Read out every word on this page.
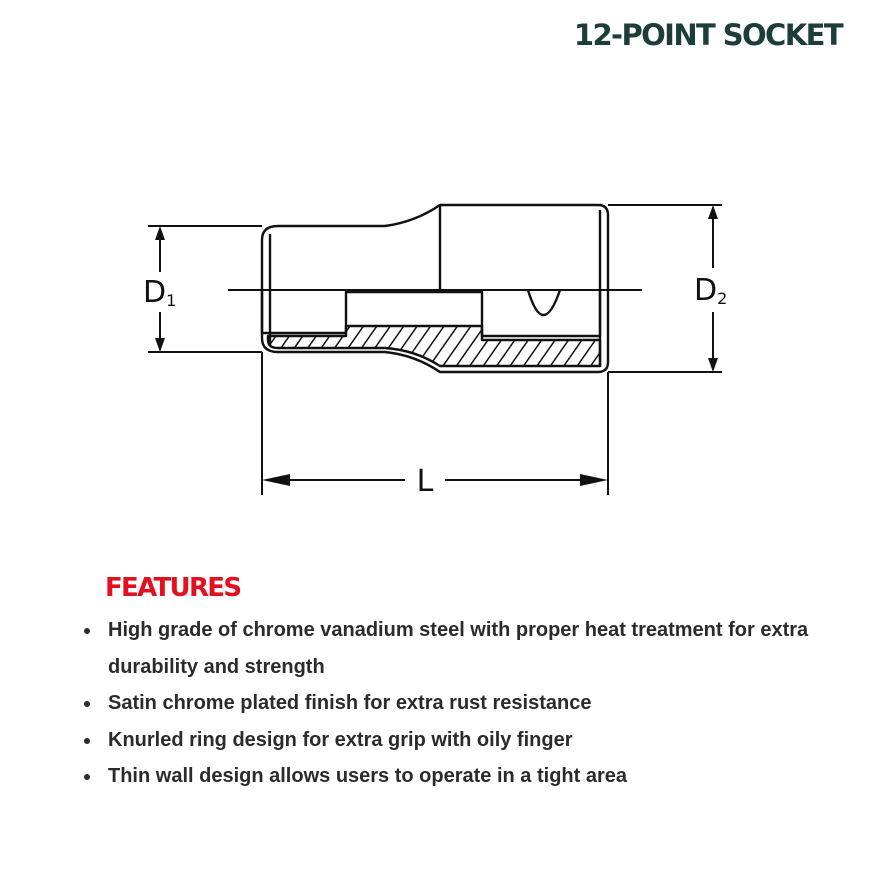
12-POINT SOCKET
D1	D2
L
FEATURES
High grade of chrome vanadium steel with proper heat treatment for extra durability and strength
Satin chrome plated finish for extra rust resistance
Knurled ring design for extra grip with oily finger
Thin wall design allows users to operate in a tight area
